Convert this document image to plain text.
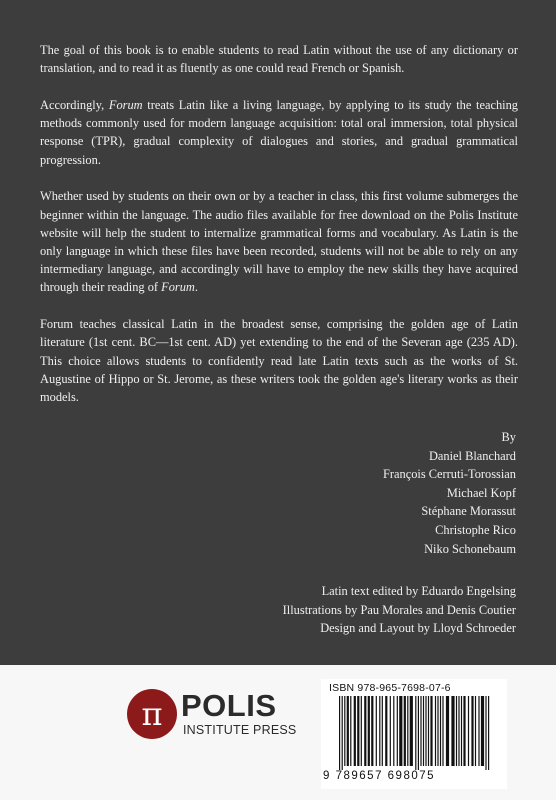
The goal of this book is to enable students to read Latin without the use of any dictionary or translation, and to read it as fluently as one could read French or Spanish.

Accordingly, Forum treats Latin like a living language, by applying to its study the teaching methods commonly used for modern language acquisition: total oral immersion, total physical response (TPR), gradual complexity of dialogues and stories, and gradual grammatical progression.

Whether used by students on their own or by a teacher in class, this first volume submerges the beginner within the language. The audio files available for free download on the Polis Institute website will help the student to internalize grammatical forms and vocabulary. As Latin is the only language in which these files have been recorded, students will not be able to rely on any intermediary language, and accordingly will have to employ the new skills they have acquired through their reading of Forum.

Forum teaches classical Latin in the broadest sense, comprising the golden age of Latin literature (1st cent. BC—1st cent. AD) yet extending to the end of the Severan age (235 AD). This choice allows students to confidently read late Latin texts such as the works of St. Augustine of Hippo or St. Jerome, as these writers took the golden age's literary works as their models.

By
Daniel Blanchard
François Cerruti-Torossian
Michael Kopf
Stéphane Morassut
Christophe Rico
Niko Schonebaum
Latin text edited by Eduardo Engelsing
Illustrations by Pau Morales and Denis Coutier
Design and Layout by Lloyd Schroeder
π POLIS
INSTITUTE PRESS
ISBN 978-965-7698-07-6
9 789657 698075
